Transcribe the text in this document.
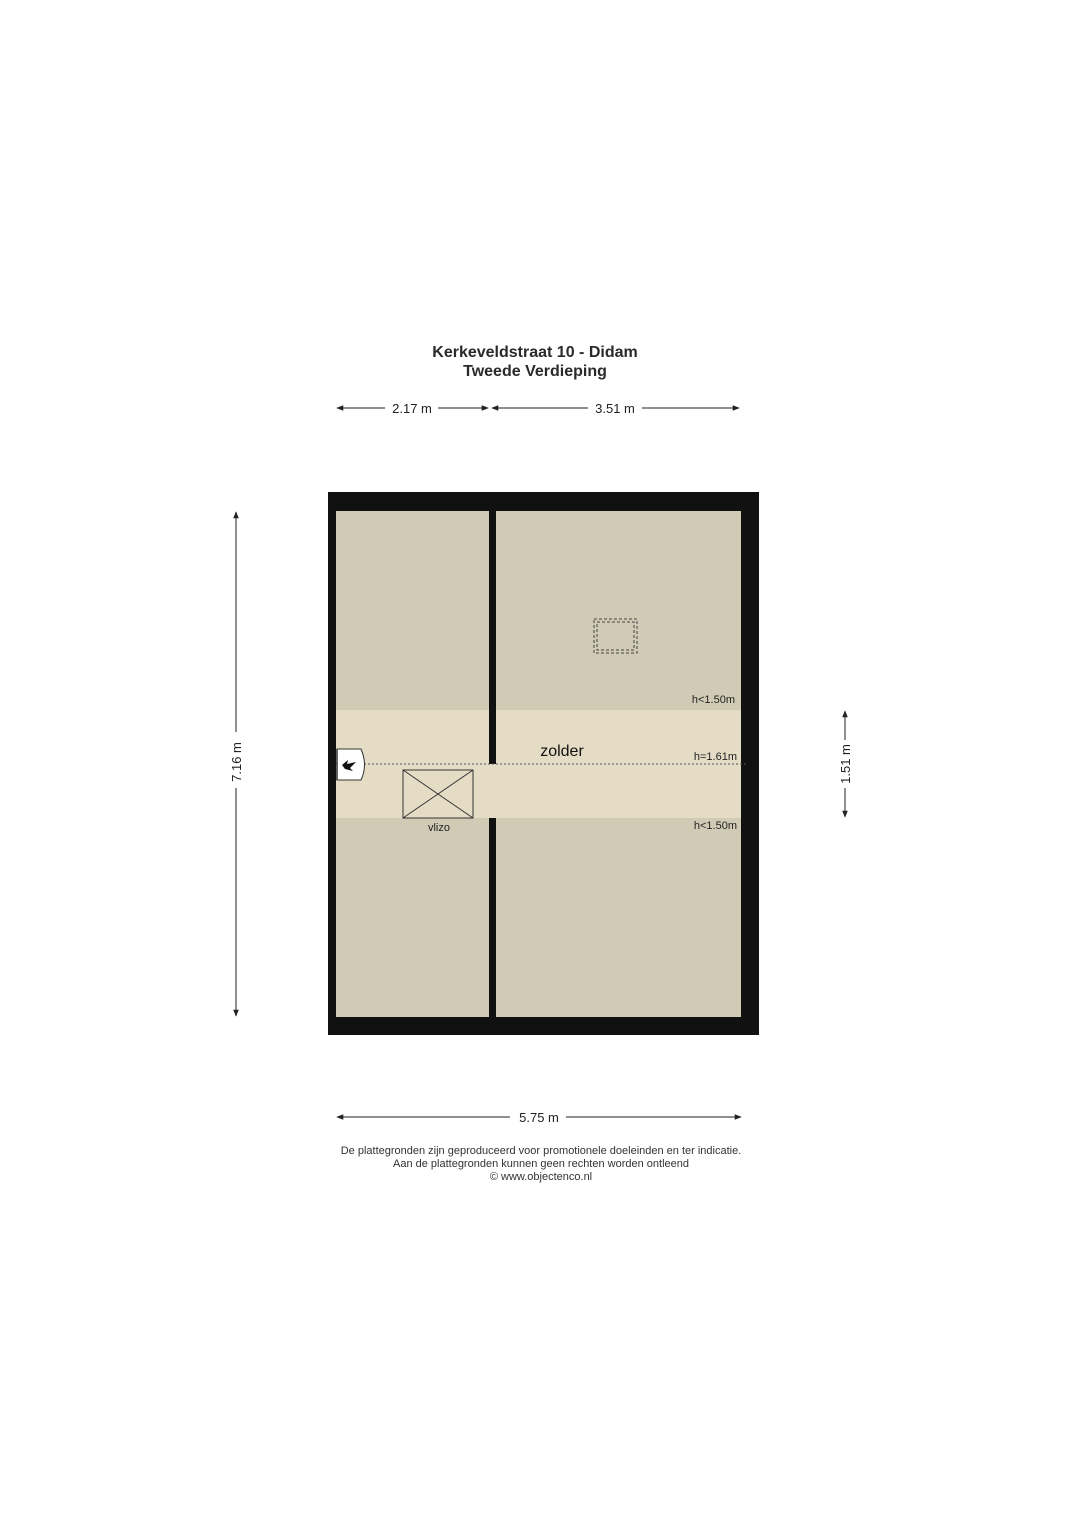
Kerkeveldstraat 10 - Didam
Tweede Verdieping
2.17 m	3.51 m
7.16 m	1.51 m
vlizo
zolder
h<1.50m
h=1.61m
h<1.50m
5.75 m
De plattegronden zijn geproduceerd voor promotionele doeleinden en ter indicatie.
Aan de plattegronden kunnen geen rechten worden ontleend
© www.objectenco.nl
